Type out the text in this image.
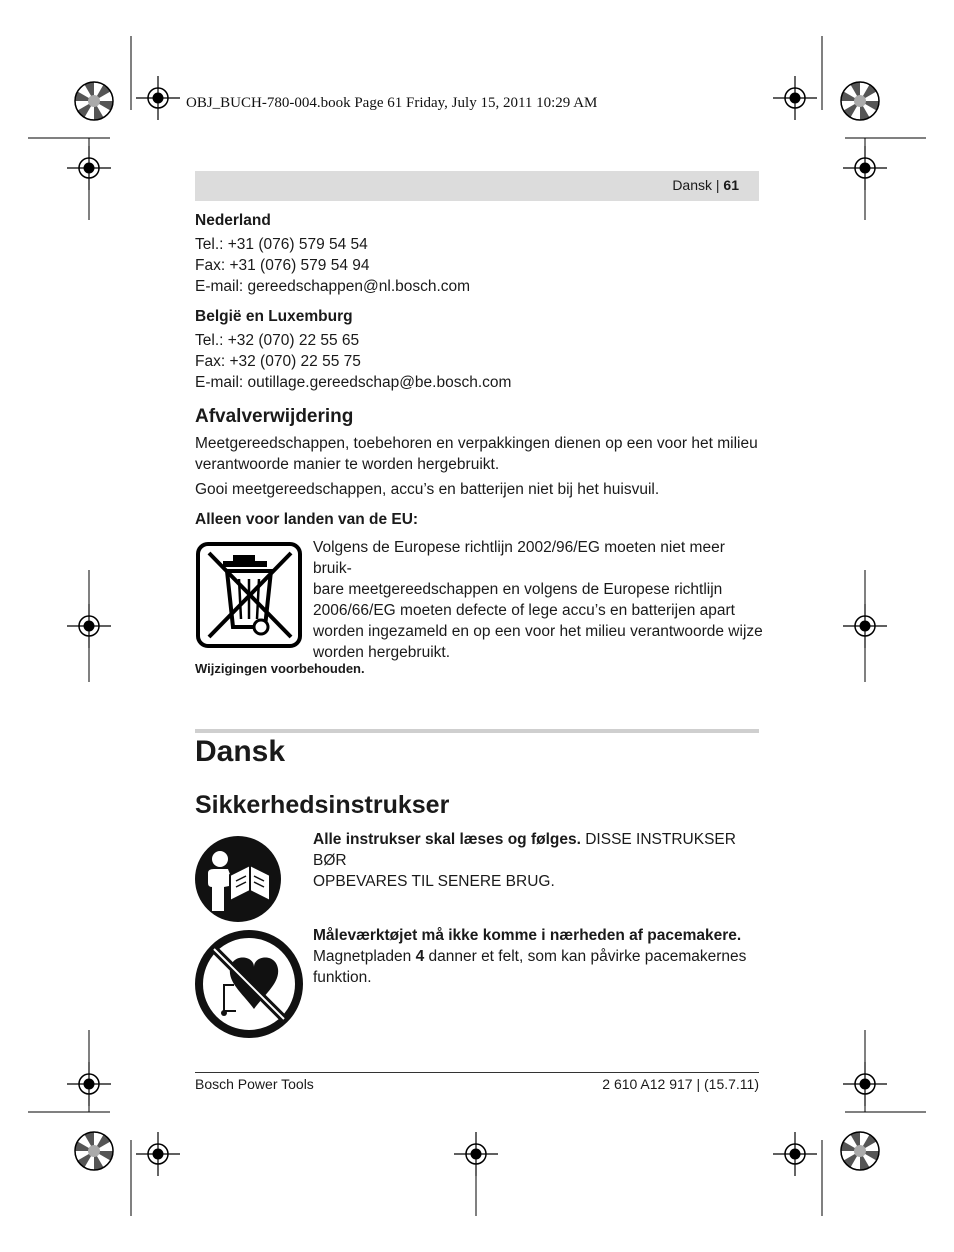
OBJ_BUCH-780-004.book Page 61 Friday, July 15, 2011 10:29 AM
Dansk | 61

Nederland

Tel.: +31 (076) 579 54 54

Fax: +31 (076) 579 54 94

E-mail: gereedschappen@nl.bosch.com

België en Luxemburg

Tel.: +32 (070) 22 55 65

Fax: +32 (070) 22 55 75

E-mail: outillage.gereedschap@be.bosch.com

Afvalverwijdering

Meetgereedschappen, toebehoren en verpakkingen dienen op een voor het milieu

verantwoorde manier te worden hergebruikt.

Gooi meetgereedschappen, accu’s en batterijen niet bij het huisvuil.

Alleen voor landen van de EU:

Volgens de Europese richtlijn 2002/96/EG moeten niet meer bruik-

bare meetgereedschappen en volgens de Europese richtlijn

2006/66/EG moeten defecte of lege accu’s en batterijen apart

worden ingezameld en op een voor het milieu verantwoorde wijze

worden hergebruikt.

Wijzigingen voorbehouden.

Dansk
Sikkerhedsinstrukser

Alle instrukser skal læses og følges. DISSE INSTRUKSER BØR

OPBEVARES TIL SENERE BRUG.

Måleværktøjet må ikke komme i nærheden af pacemakere.

Magnetpladen 4 danner et felt, som kan påvirke pacemakernes

funktion.

Bosch Power Tools	2 610 A12 917 | (15.7.11)
